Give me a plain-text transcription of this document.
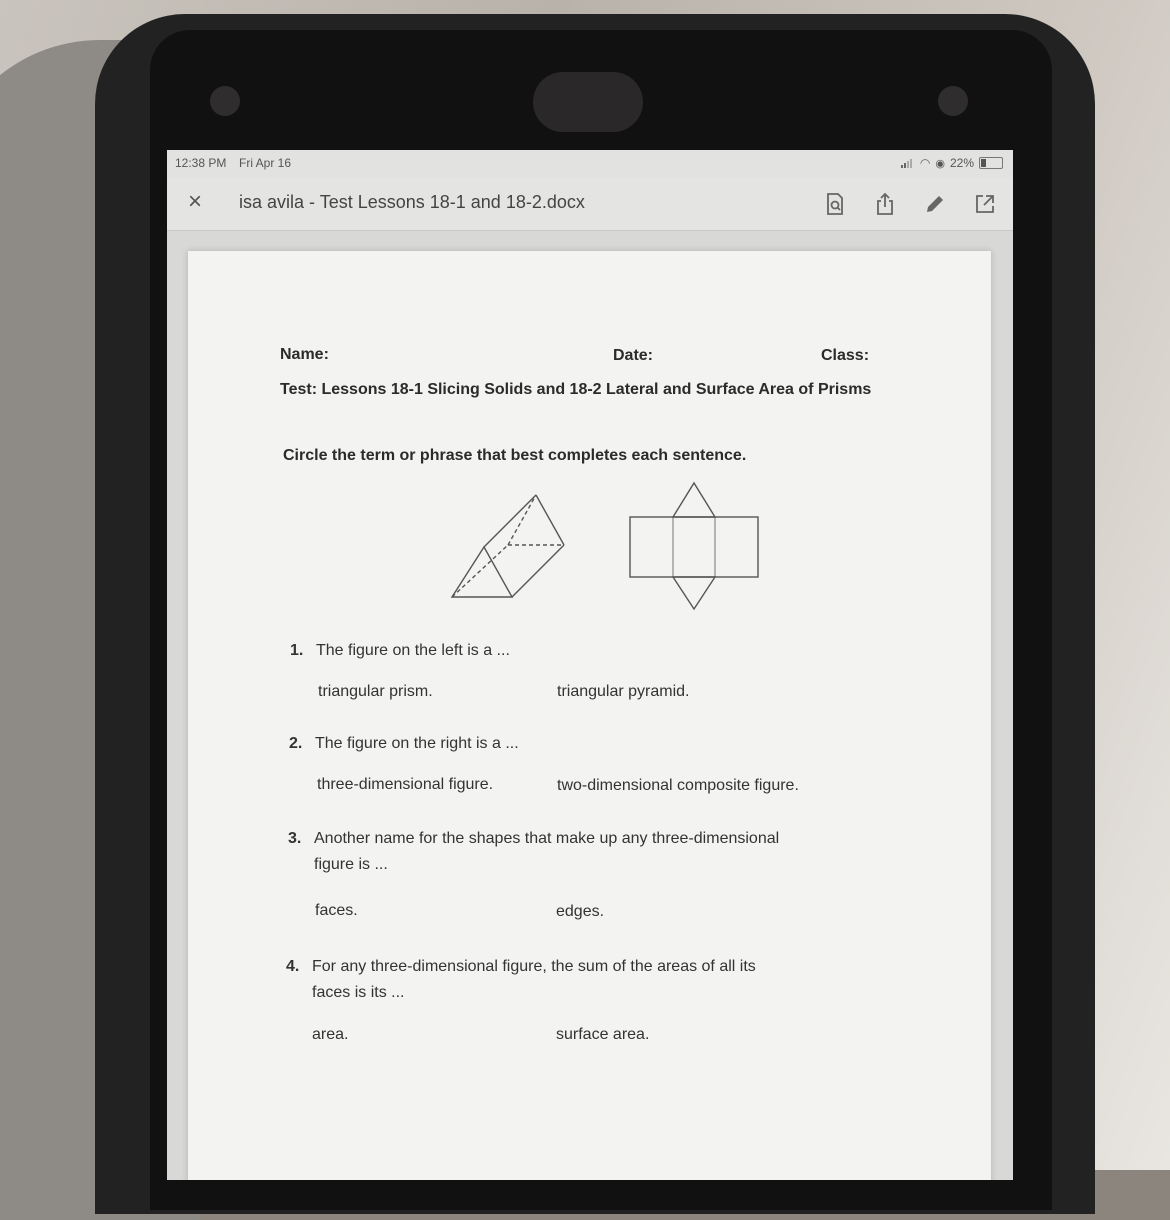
12:38 PM Fri Apr 16	◠ ◉ 22%
×	isa avila - Test Lessons 18-1 and 18-2.docx
Name:	Date:	Class:
Test: Lessons 18-1 Slicing Solids and 18-2 Lateral and Surface Area of Prisms
Circle the term or phrase that best completes each sentence.
1. The figure on the left is a ...
triangular prism.	triangular pyramid.
2. The figure on the right is a ...
three-dimensional figure.	two-dimensional composite figure.
3. Another name for the shapes that make up any three-dimensional
figure is ...
faces.	edges.
4. For any three-dimensional figure, the sum of the areas of all its
faces is its ...
area.	surface area.
